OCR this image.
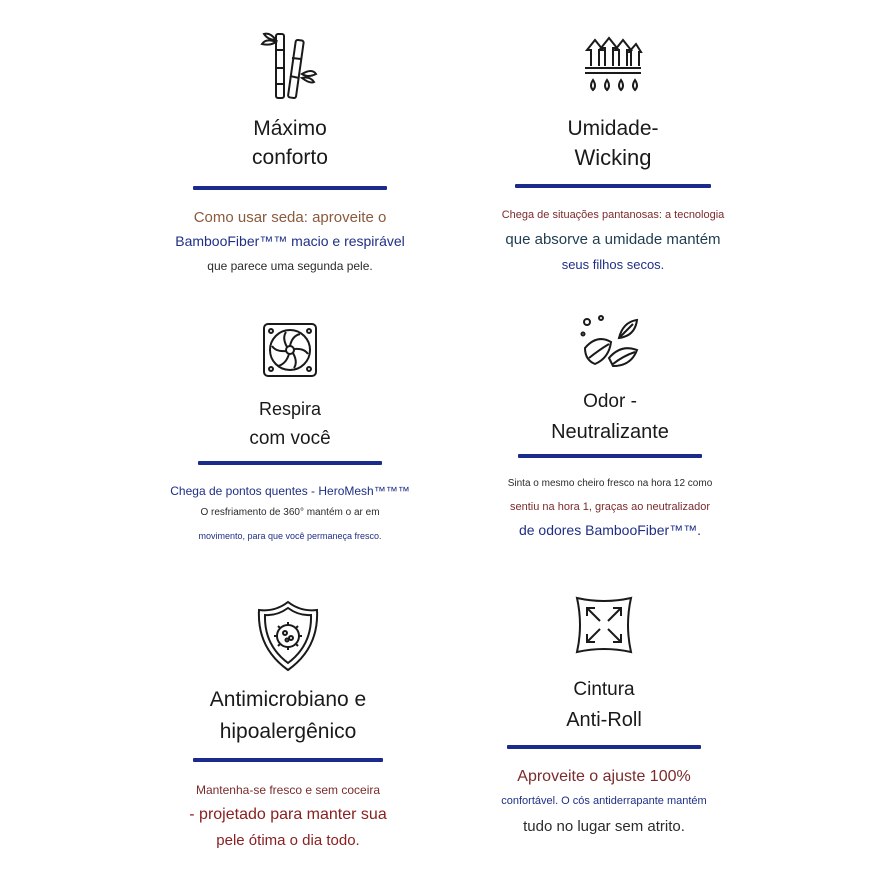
Máximo
conforto
Como usar seda: aproveite o
BambooFiber™™ macio e respirável
que parece uma segunda pele.
Umidade-
Wicking
Chega de situações pantanosas: a tecnologia
que absorve a umidade mantém
seus filhos secos.
Respira
com você
Chega de pontos quentes - HeroMesh™™™
O resfriamento de 360° mantém o ar em
movimento, para que você permaneça fresco.
Odor -
Neutralizante
Sinta o mesmo cheiro fresco na hora 12 como
sentiu na hora 1, graças ao neutralizador
de odores BambooFiber™™.
Antimicrobiano e
hipoalergênico
Mantenha-se fresco e sem coceira
- projetado para manter sua
pele ótima o dia todo.
Cintura
Anti-Roll
Aproveite o ajuste 100%
confortável. O cós antiderrapante mantém
tudo no lugar sem atrito.
